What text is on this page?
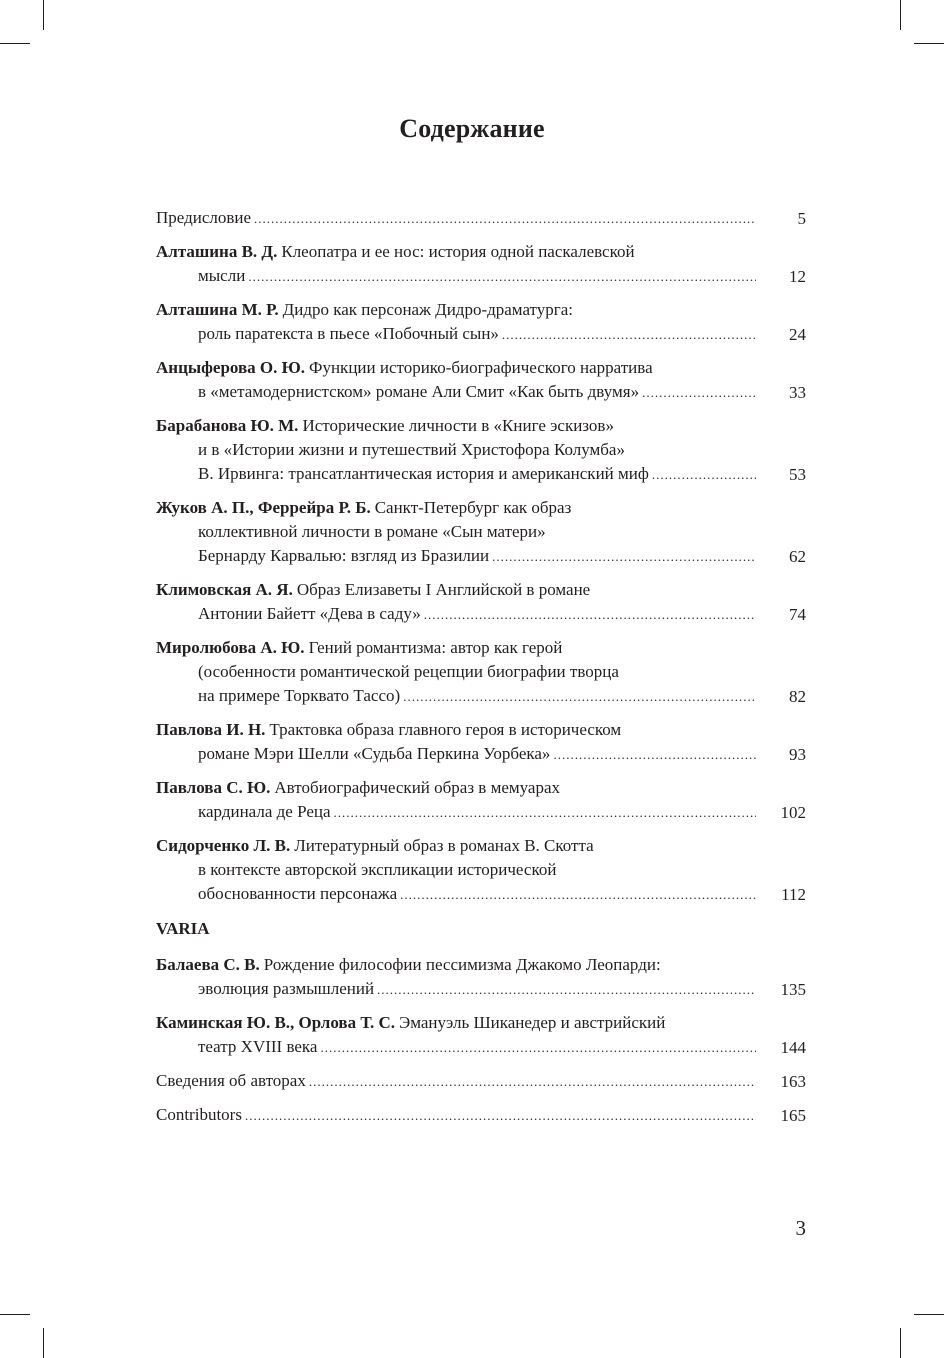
Содержание
Предисловие .....	5
Алташина В. Д. Клеопатра и ее нос: история одной паскалевской
мысли .....	12
Алташина М. Р. Дидро как персонаж Дидро-драматурга:
роль паратекста в пьесе «Побочный сын» .....	24
Анцыферова О. Ю. Функции историко-биографического нарратива
в «метамодернистском» романе Али Смит «Как быть двумя» .....	33
Барабанова Ю. М. Исторические личности в «Книге эскизов»
и в «Истории жизни и путешествий Христофора Колумба»
В. Ирвинга: трансатлантическая история и американский миф .....	53
Жуков А. П., Феррейра Р. Б. Санкт-Петербург как образ
коллективной личности в романе «Сын матери»
Бернарду Карвалью: взгляд из Бразилии .....	62
Климовская А. Я. Образ Елизаветы I Английской в романе
Антонии Байетт «Дева в саду» .....	74
Миролюбова А. Ю. Гений романтизма: автор как герой
(особенности романтической рецепции биографии творца
на примере Торквато Тассо) .....	82
Павлова И. Н. Трактовка образа главного героя в историческом
романе Мэри Шелли «Судьба Перкина Уорбека» .....	93
Павлова С. Ю. Автобиографический образ в мемуарах
кардинала де Реца .....	102
Сидорченко Л. В. Литературный образ в романах В. Скотта
в контексте авторской экспликации исторической
обоснованности персонажа .....	112
VARIA
Балаева С. В. Рождение философии пессимизма Джакомо Леопарди:
эволюция размышлений .....	135
Каминская Ю. В., Орлова Т. С. Эмануэль Шиканедер и австрийский
театр XVIII века .....	144
Сведения об авторах .....	163
Contributors .....	165
3
